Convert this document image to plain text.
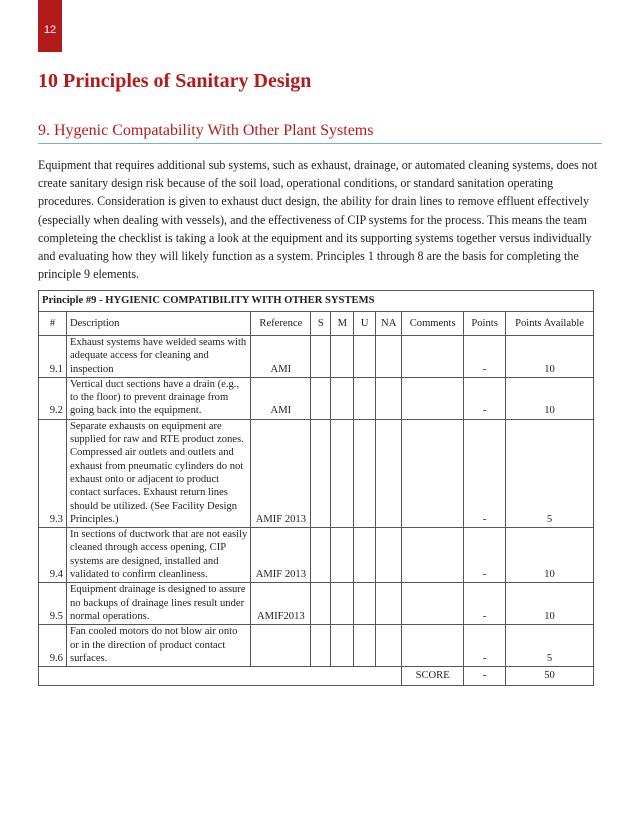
12
10 Principles of Sanitary Design
9. Hygenic Compatability With Other Plant Systems

Equipment that requires additional sub systems, such as exhaust, drainage, or automated cleaning systems, does not create sanitary design risk because of the soil load, operational conditions, or standard sanitation operating procedures. Consideration is given to exhaust duct design, the ability for drain lines to remove effluent effectively (especially when dealing with vessels), and the effectiveness of CIP systems for the process. This means the team completeing the checklist is taking a look at the equipment and its supporting systems together versus individually and evaluating how they will likely function as a system. Principles 1 through 8 are the basis for completing the principle 9 elements.

Principle #9 - HYGIENIC COMPATIBILITY WITH OTHER SYSTEMS									
#	Description	Reference	S	M	U	NA	Comments	Points	Points Available
9.1	Exhaust systems have welded seams with adequate access for cleaning and inspection	AMI						-	10
9.2	Vertical duct sections have a drain (e.g., to the floor) to prevent drainage from going back into the equipment.	AMI						-	10
9.3	Separate exhausts on equipment are supplied for raw and RTE product zones. Compressed air outlets and outlets and exhaust from pneumatic cylinders do not exhaust onto or adjacent to product contact surfaces. Exhaust return lines should be utilized. (See Facility Design Principles.)	AMIF 2013						-	5
9.4	In sections of ductwork that are not easily cleaned through access opening, CIP systems are designed, installed and validated to confirm cleanliness.	AMIF 2013						-	10
9.5	Equipment drainage is designed to assure no backups of drainage lines result under normal operations.	AMIF2013						-	10
9.6	Fan cooled motors do not blow air onto or in the direction of product contact surfaces.							-	5
							SCORE	-	50
